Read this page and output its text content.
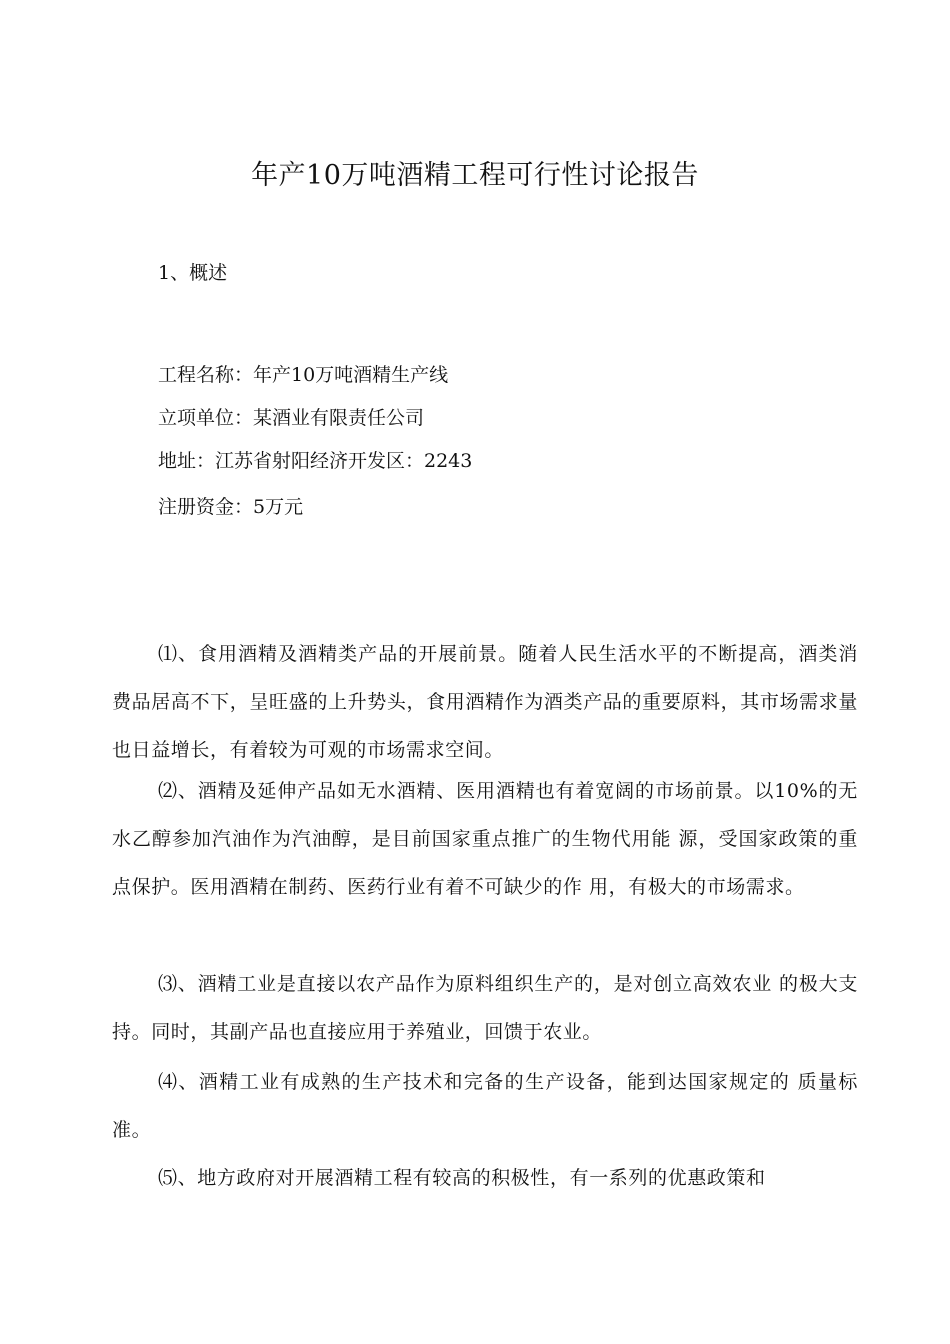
年产10万吨酒精工程可行性讨论报告
1、概述
工程名称：年产10万吨酒精生产线
立项单位：某酒业有限责任公司
地址：江苏省射阳经济开发区：2243
注册资金：5万元

⑴、食用酒精及酒精类产品的开展前景。随着人民生活水平的不断提高，酒类消费品居高不下，呈旺盛的上升势头，食用酒精作为酒类产品的重要原料，其市场需求量也日益增长，有着较为可观的市场需求空间。

⑵、酒精及延伸产品如无水酒精、医用酒精也有着宽阔的市场前景。以10%的无水乙醇参加汽油作为汽油醇，是目前国家重点推广的生物代用能 源，受国家政策的重点保护。医用酒精在制药、医药行业有着不可缺少的作 用，有极大的市场需求。

⑶、酒精工业是直接以农产品作为原料组织生产的，是对创立高效农业 的极大支持。同时，其副产品也直接应用于养殖业，回馈于农业。

⑷、酒精工业有成熟的生产技术和完备的生产设备，能到达国家规定的 质量标准。

⑸、地方政府对开展酒精工程有较高的积极性，有一系列的优惠政策和
